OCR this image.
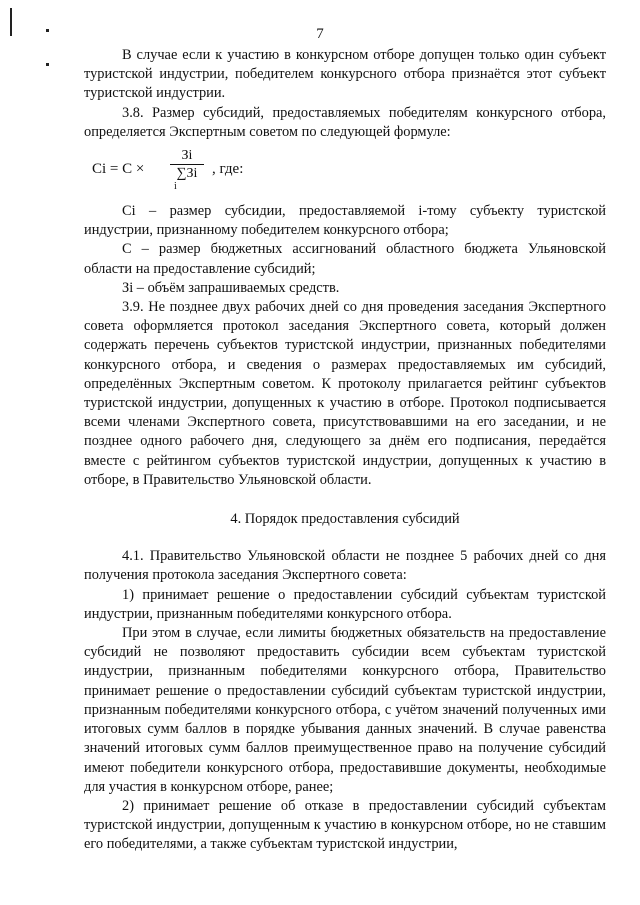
7

В случае если к участию в конкурсном отборе допущен только один субъект туристской индустрии, победителем конкурсного отбора признаётся этот субъект туристской индустрии.

3.8. Размер субсидий, предоставляемых победителям конкурсного отбора, определяется Экспертным советом по следующей формуле:

Сi = C ×
Зi
∑Зi
i
, где:

Сi – размер субсидии, предоставляемой i-тому субъекту туристской индустрии, признанному победителем конкурсного отбора;

С – размер бюджетных ассигнований областного бюджета Ульяновской области на предоставление субсидий;

Зi – объём запрашиваемых средств.

3.9. Не позднее двух рабочих дней со дня проведения заседания Экспертного совета оформляется протокол заседания Экспертного совета, который должен содержать перечень субъектов туристской индустрии, признанных победителями конкурсного отбора, и сведения о размерах предоставляемых им субсидий, определённых Экспертным советом. К протоколу прилагается рейтинг субъектов туристской индустрии, допущенных к участию в отборе. Протокол подписывается всеми членами Экспертного совета, присутствовавшими на его заседании, и не позднее одного рабочего дня, следующего за днём его подписания, передаётся вместе с рейтингом субъектов туристской индустрии, допущенных к участию в отборе, в Правительство Ульяновской области.

4. Порядок предоставления субсидий

4.1. Правительство Ульяновской области не позднее 5 рабочих дней со дня получения протокола заседания Экспертного совета:

1) принимает решение о предоставлении субсидий субъектам туристской индустрии, признанным победителями конкурсного отбора.

При этом в случае, если лимиты бюджетных обязательств на предоставление субсидий не позволяют предоставить субсидии всем субъектам туристской индустрии, признанным победителями конкурсного отбора, Правительство принимает решение о предоставлении субсидий субъектам туристской индустрии, признанным победителями конкурсного отбора, с учётом значений полученных ими итоговых сумм баллов в порядке убывания данных значений. В случае равенства значений итоговых сумм баллов преимущественное право на получение субсидий имеют победители конкурсного отбора, предоставившие документы, необходимые для участия в конкурсном отборе, ранее;

2) принимает решение об отказе в предоставлении субсидий субъектам туристской индустрии, допущенным к участию в конкурсном отборе, но не ставшим его победителями, а также субъектам туристской индустрии,
